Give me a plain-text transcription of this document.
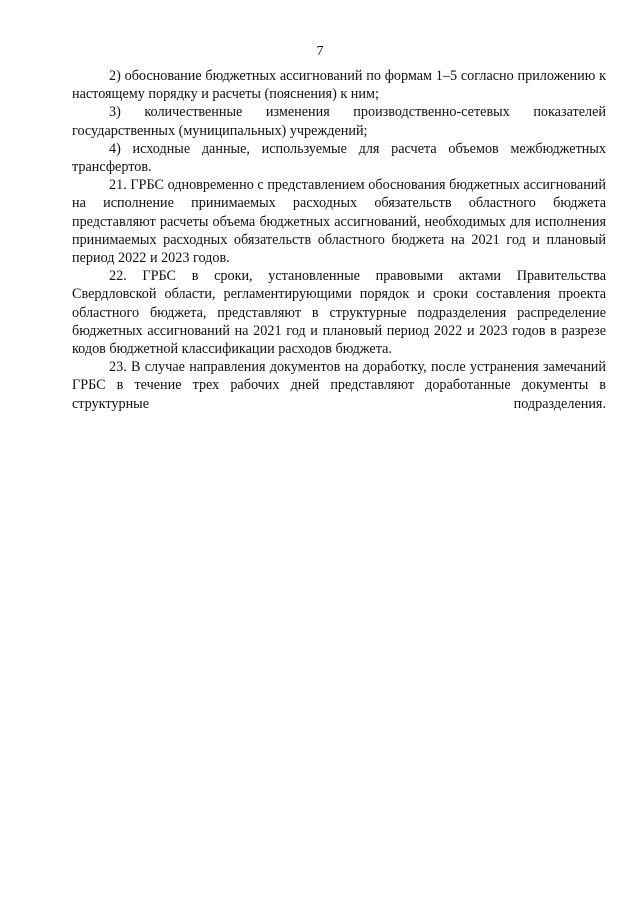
7

2) обоснование бюджетных ассигнований по формам 1–5 согласно приложению к настоящему порядку и расчеты (пояснения) к ним;

3) количественные изменения производственно-сетевых показателей государственных (муниципальных) учреждений;

4) исходные данные, используемые для расчета объемов межбюджетных трансфертов.

21. ГРБС одновременно с представлением обоснования бюджетных ассигнований на исполнение принимаемых расходных обязательств областного бюджета представляют расчеты объема бюджетных ассигнований, необходимых для исполнения принимаемых расходных обязательств областного бюджета на 2021 год и плановый период 2022 и 2023 годов.

22. ГРБС в сроки, установленные правовыми актами Правительства Свердловской области, регламентирующими порядок и сроки составления проекта областного бюджета, представляют в структурные подразделения распределение бюджетных ассигнований на 2021 год и плановый период 2022 и 2023 годов в разрезе кодов бюджетной классификации расходов бюджета.

23. В случае направления документов на доработку, после устранения замечаний ГРБС в течение трех рабочих дней представляют доработанные документы в структурные подразделения.
